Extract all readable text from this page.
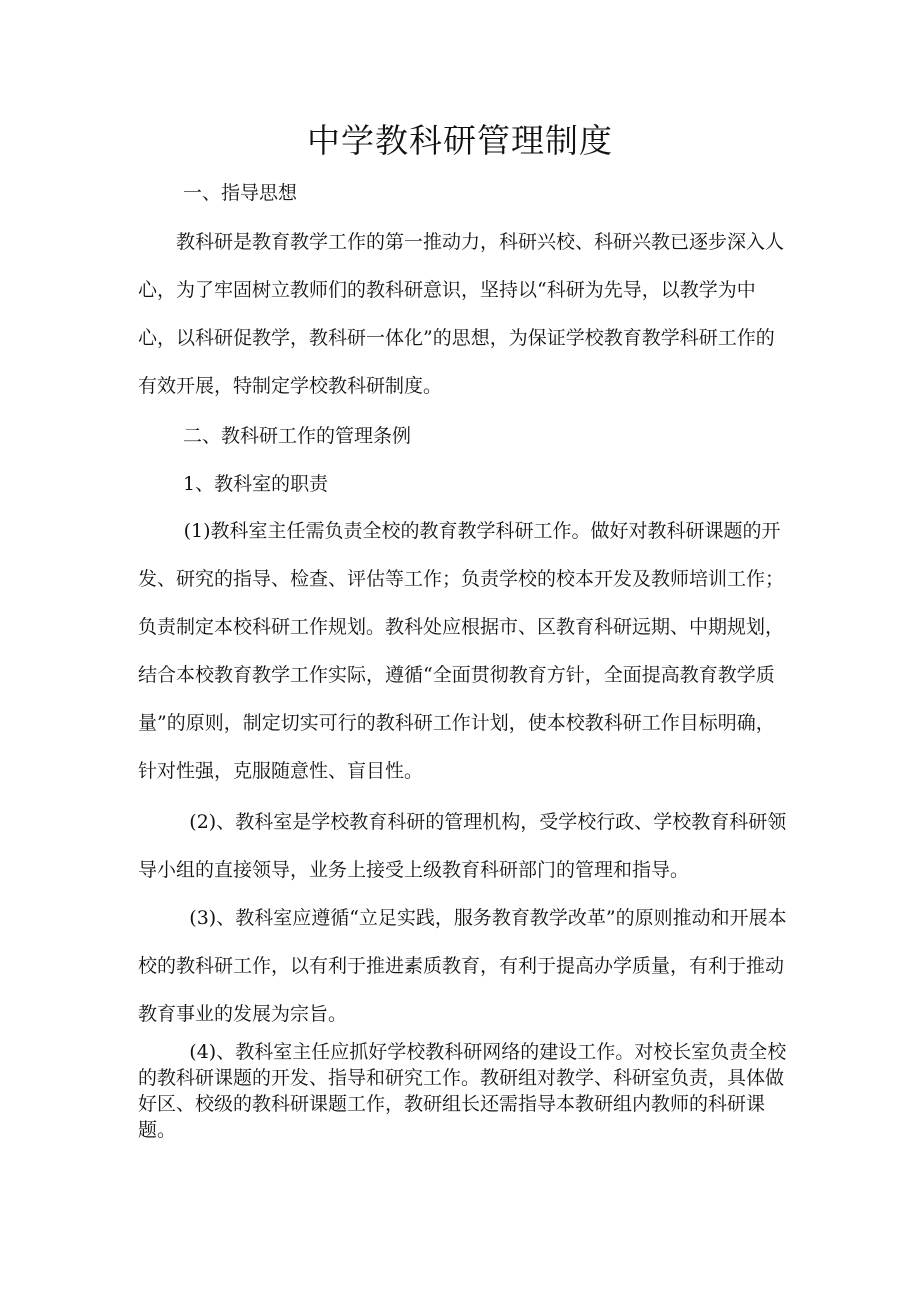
中学教科研管理制度

一、指导思想

教科研是教育教学工作的第一推动力，科研兴校、科研兴教已逐步深入人心，为了牢固树立教师们的教科研意识，坚持以“科研为先导，以教学为中心，以科研促教学，教科研一体化”的思想，为保证学校教育教学科研工作的有效开展，特制定学校教科研制度。

二、教科研工作的管理条例

1、教科室的职责

(1)教科室主任需负责全校的教育教学科研工作。做好对教科研课题的开发、研究的指导、检查、评估等工作；负责学校的校本开发及教师培训工作；负责制定本校科研工作规划。教科处应根据市、区教育科研远期、中期规划，结合本校教育教学工作实际，遵循“全面贯彻教育方针，全面提高教育教学质量”的原则，制定切实可行的教科研工作计划，使本校教科研工作目标明确，针对性强，克服随意性、盲目性。

(2)、教科室是学校教育科研的管理机构，受学校行政、学校教育科研领导小组的直接领导，业务上接受上级教育科研部门的管理和指导。

(3)、教科室应遵循“立足实践，服务教育教学改革”的原则推动和开展本校的教科研工作，以有利于推进素质教育，有利于提高办学质量，有利于推动教育事业的发展为宗旨。

(4)、教科室主任应抓好学校教科研网络的建设工作。对校长室负责全校的教科研课题的开发、指导和研究工作。教研组对教学、科研室负责，具体做好区、校级的教科研课题工作，教研组长还需指导本教研组内教师的科研课题。
